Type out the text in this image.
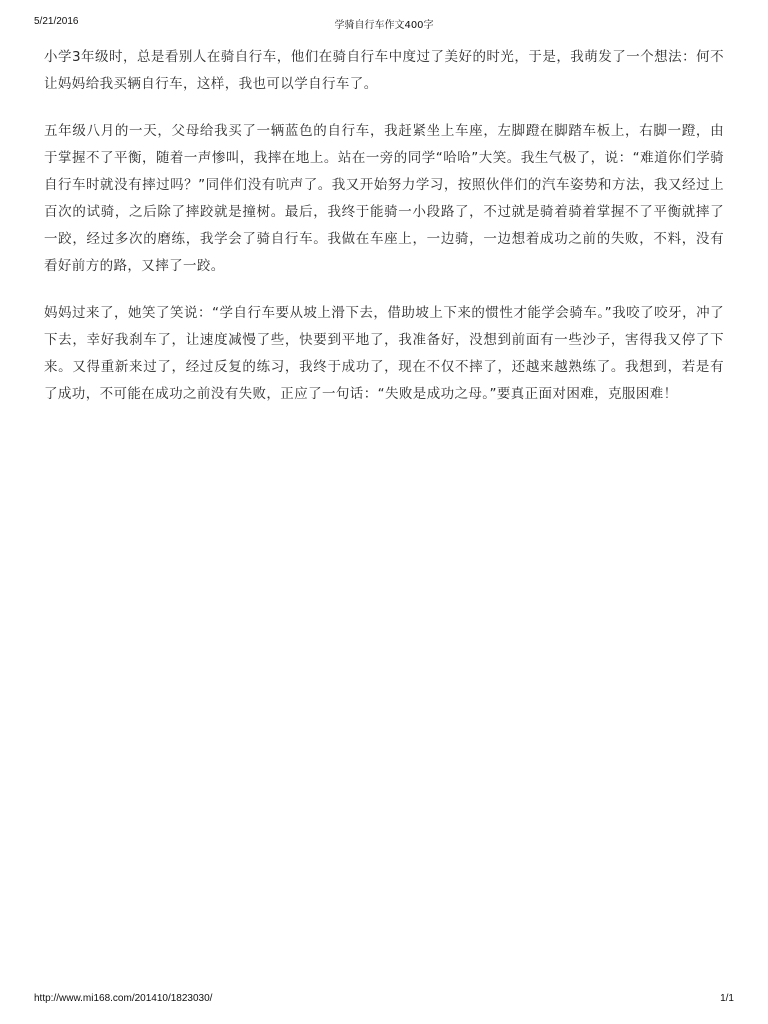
5/21/2016	学骑自行车作文400字

小学3年级时，总是看别人在骑自行车，他们在骑自行车中度过了美好的时光，于是，我萌发了一个想法：何不让妈妈给我买辆自行车，这样，我也可以学自行车了。

五年级八月的一天，父母给我买了一辆蓝色的自行车，我赶紧坐上车座，左脚蹬在脚踏车板上，右脚一蹬，由于掌握不了平衡，随着一声惨叫，我摔在地上。站在一旁的同学“哈哈”大笑。我生气极了，说：“难道你们学骑自行车时就没有摔过吗？”同伴们没有吭声了。我又开始努力学习，按照伙伴们的汽车姿势和方法，我又经过上百次的试骑，之后除了摔跤就是撞树。最后，我终于能骑一小段路了，不过就是骑着骑着掌握不了平衡就摔了一跤，经过多次的磨练，我学会了骑自行车。我做在车座上，一边骑，一边想着成功之前的失败，不料，没有看好前方的路，又摔了一跤。

妈妈过来了，她笑了笑说：“学自行车要从坡上滑下去，借助坡上下来的惯性才能学会骑车。”我咬了咬牙，冲了下去，幸好我刹车了，让速度减慢了些，快要到平地了，我准备好，没想到前面有一些沙子，害得我又停了下来。又得重新来过了，经过反复的练习，我终于成功了，现在不仅不摔了，还越来越熟练了。我想到，若是有了成功，不可能在成功之前没有失败，正应了一句话：“失败是成功之母。”要真正面对困难，克服困难！

http://www.mi168.com/201410/1823030/	1/1
